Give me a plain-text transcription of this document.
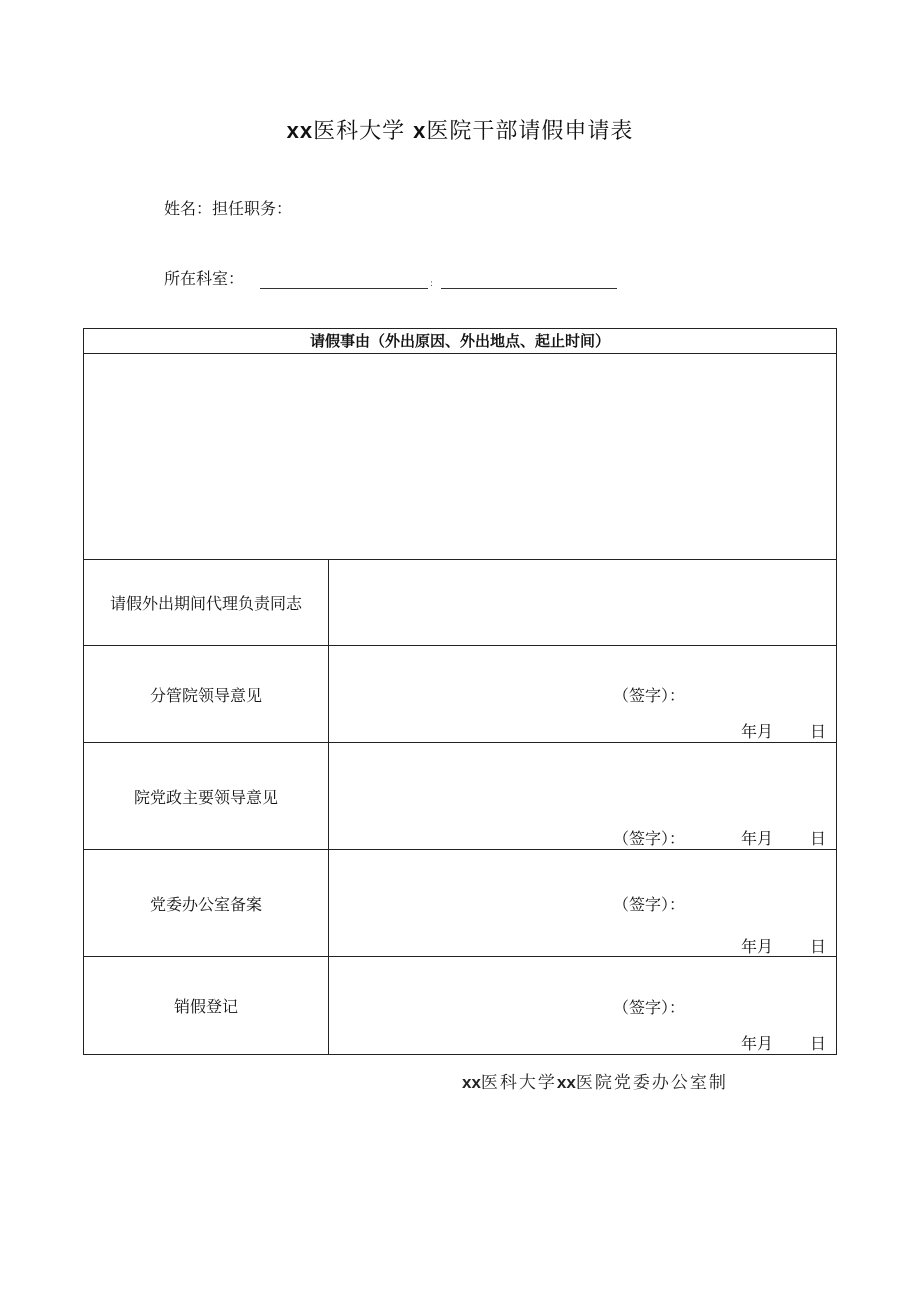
xx医科大学 x医院干部请假申请表
姓名：担任职务：
所在科室：	:
请假事由（外出原因、外出地点、起止时间）
请假外出期间代理负责同志
分管院领导意见	（签字）：
年月 日
院党政主要领导意见
（签字）：	年月 日
党委办公室备案	（签字）：
年月 日
销假登记	（签字）：
年月 日
xx医科大学xx医院党委办公室制
